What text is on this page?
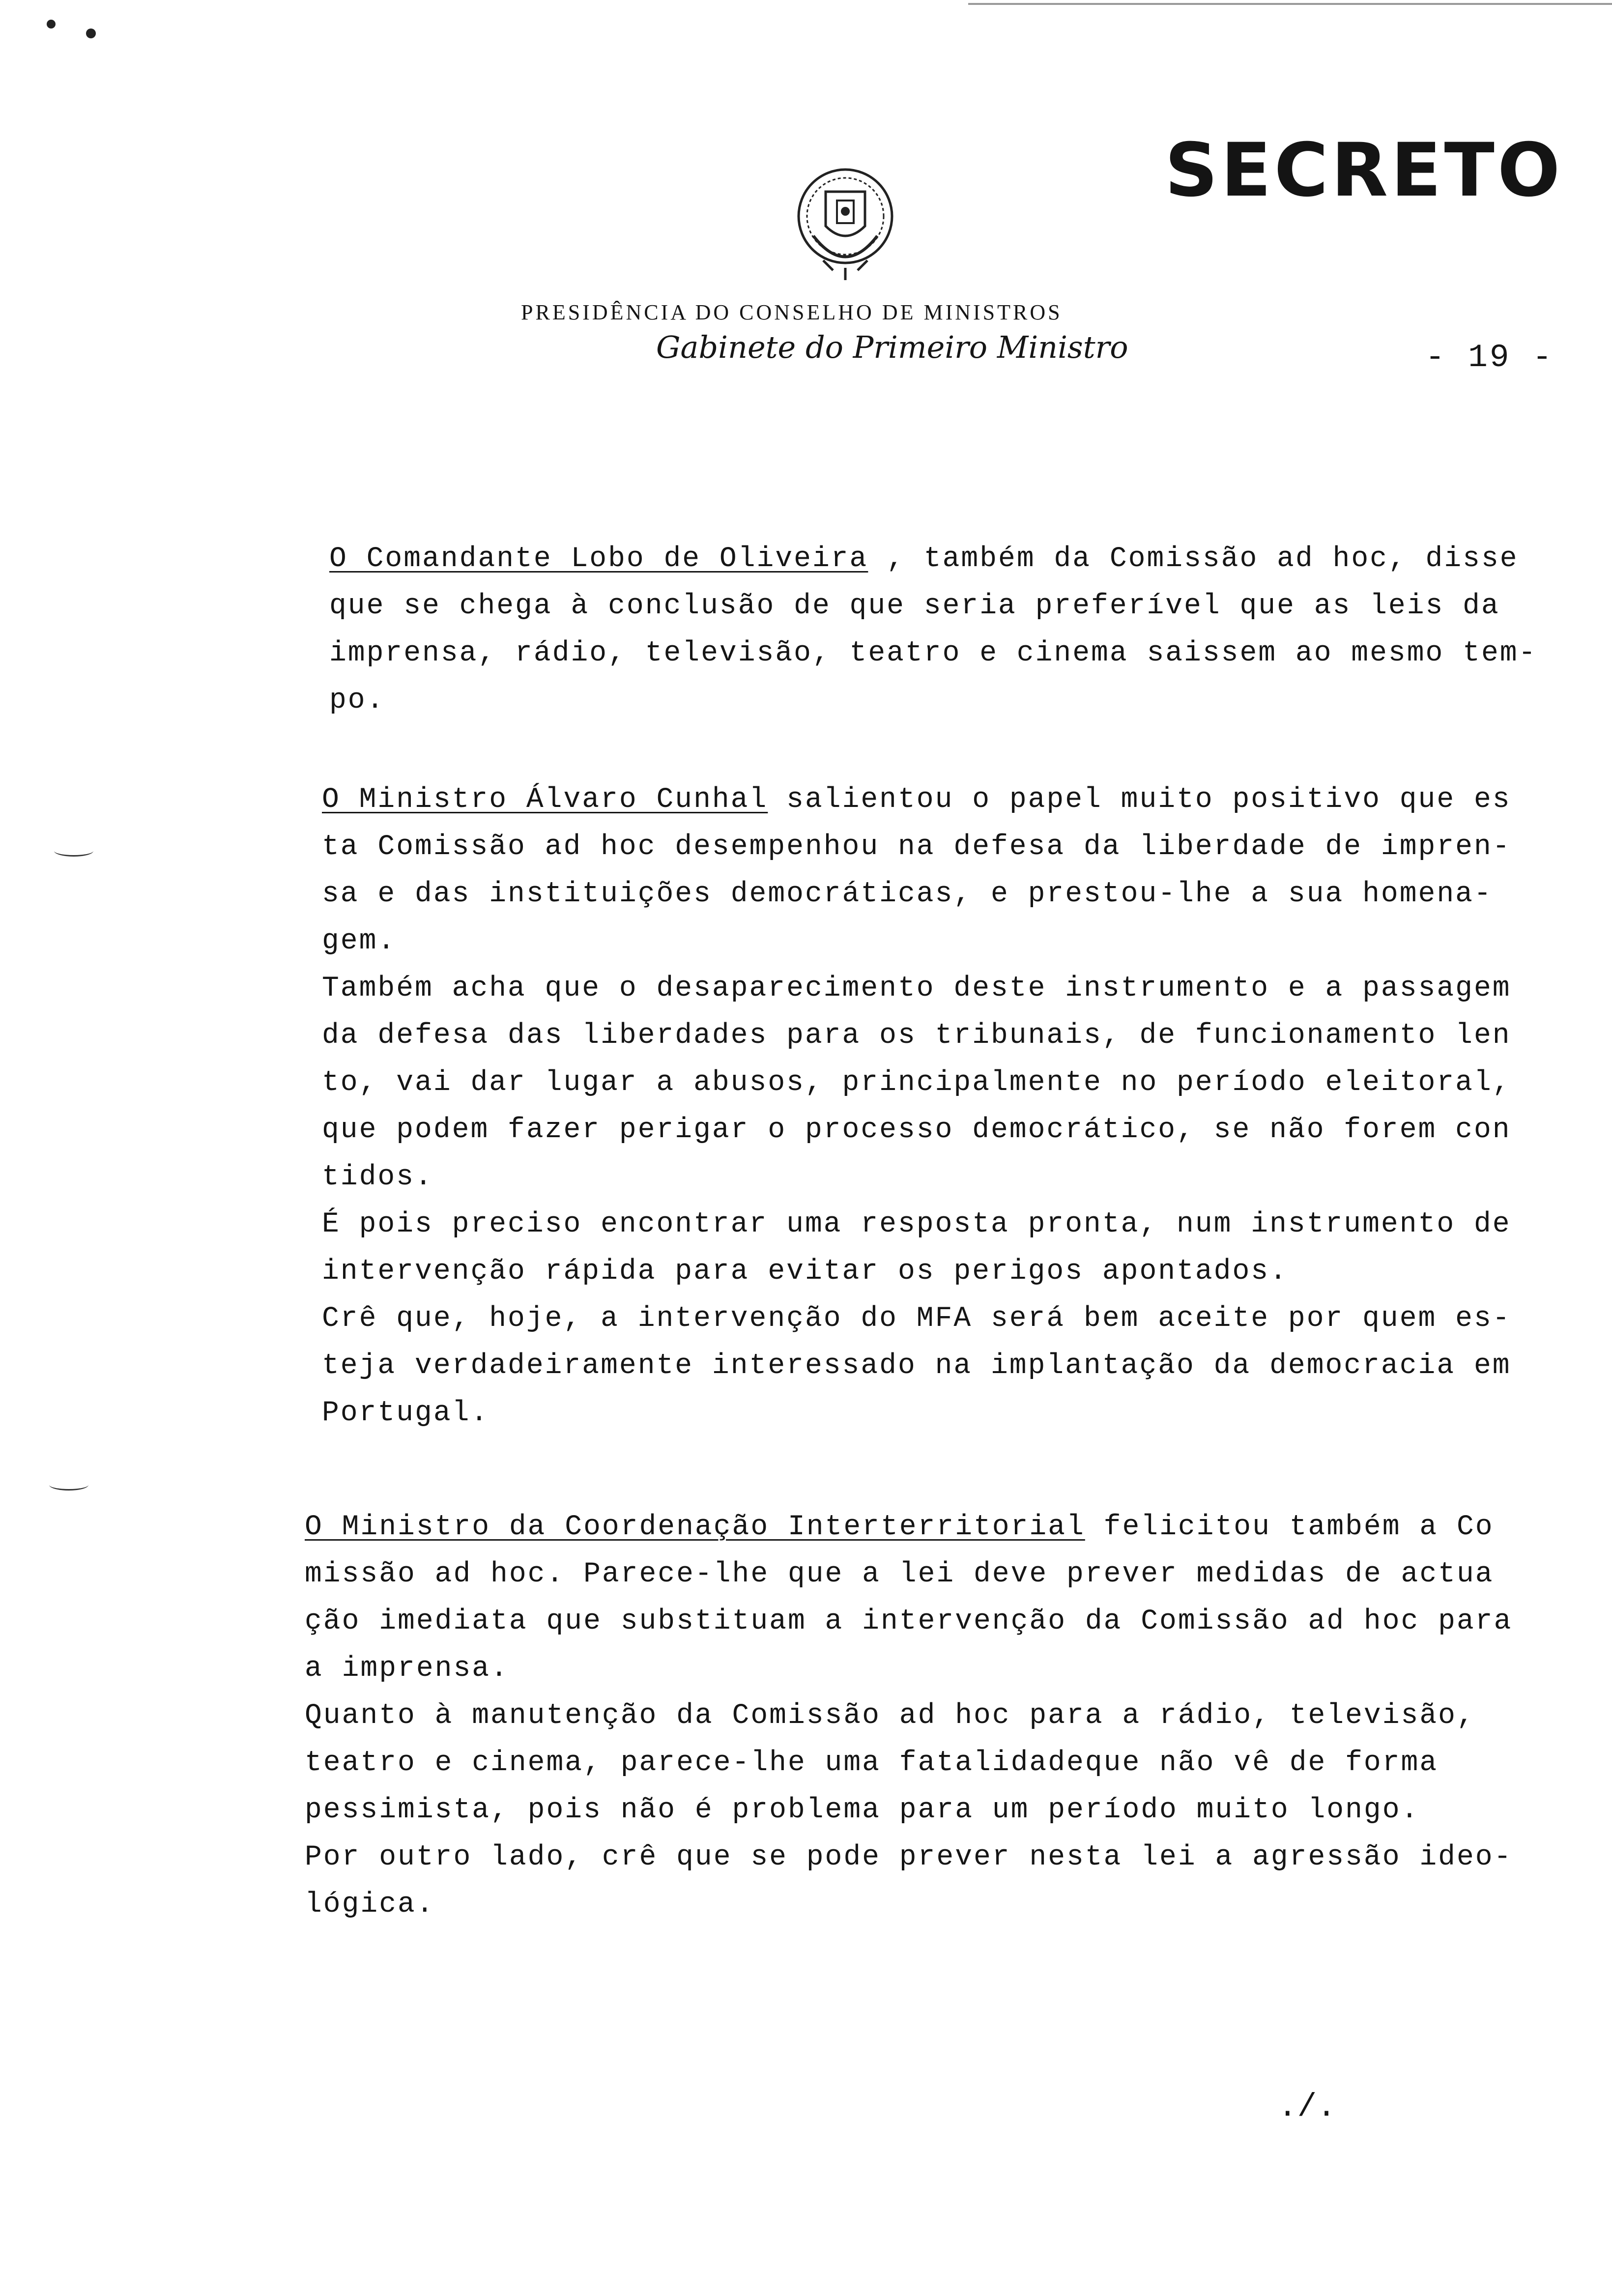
SECRETO
PRESIDÊNCIA DO CONSELHO DE MINISTROS
Gabinete do Primeiro Ministro	- 19 -
O Comandante Lobo de Oliveira , também da Comissão ad hoc, disse
que se chega à conclusão de que seria preferível que as leis da
imprensa, rádio, televisão, teatro e cinema saissem ao mesmo tem-
po.
O Ministro Álvaro Cunhal salientou o papel muito positivo que es
ta Comissão ad hoc desempenhou na defesa da liberdade de impren-
sa e das instituições democráticas, e prestou-lhe a sua homena-
gem.
Também acha que o desaparecimento deste instrumento e a passagem
da defesa das liberdades para os tribunais, de funcionamento len
to, vai dar lugar a abusos, principalmente no período eleitoral,
que podem fazer perigar o processo democrático, se não forem con
tidos.
É pois preciso encontrar uma resposta pronta, num instrumento de
intervenção rápida para evitar os perigos apontados.
Crê que, hoje, a intervenção do MFA será bem aceite por quem es-
teja verdadeiramente interessado na implantação da democracia em
Portugal.
O Ministro da Coordenação Interterritorial felicitou também a Co
missão ad hoc. Parece-lhe que a lei deve prever medidas de actua
ção imediata que substituam a intervenção da Comissão ad hoc para
a imprensa.
Quanto à manutenção da Comissão ad hoc para a rádio, televisão,
teatro e cinema, parece-lhe uma fatalidadeque não vê de forma
pessimista, pois não é problema para um período muito longo.
Por outro lado, crê que se pode prever nesta lei a agressão ideo-
lógica.
./.
